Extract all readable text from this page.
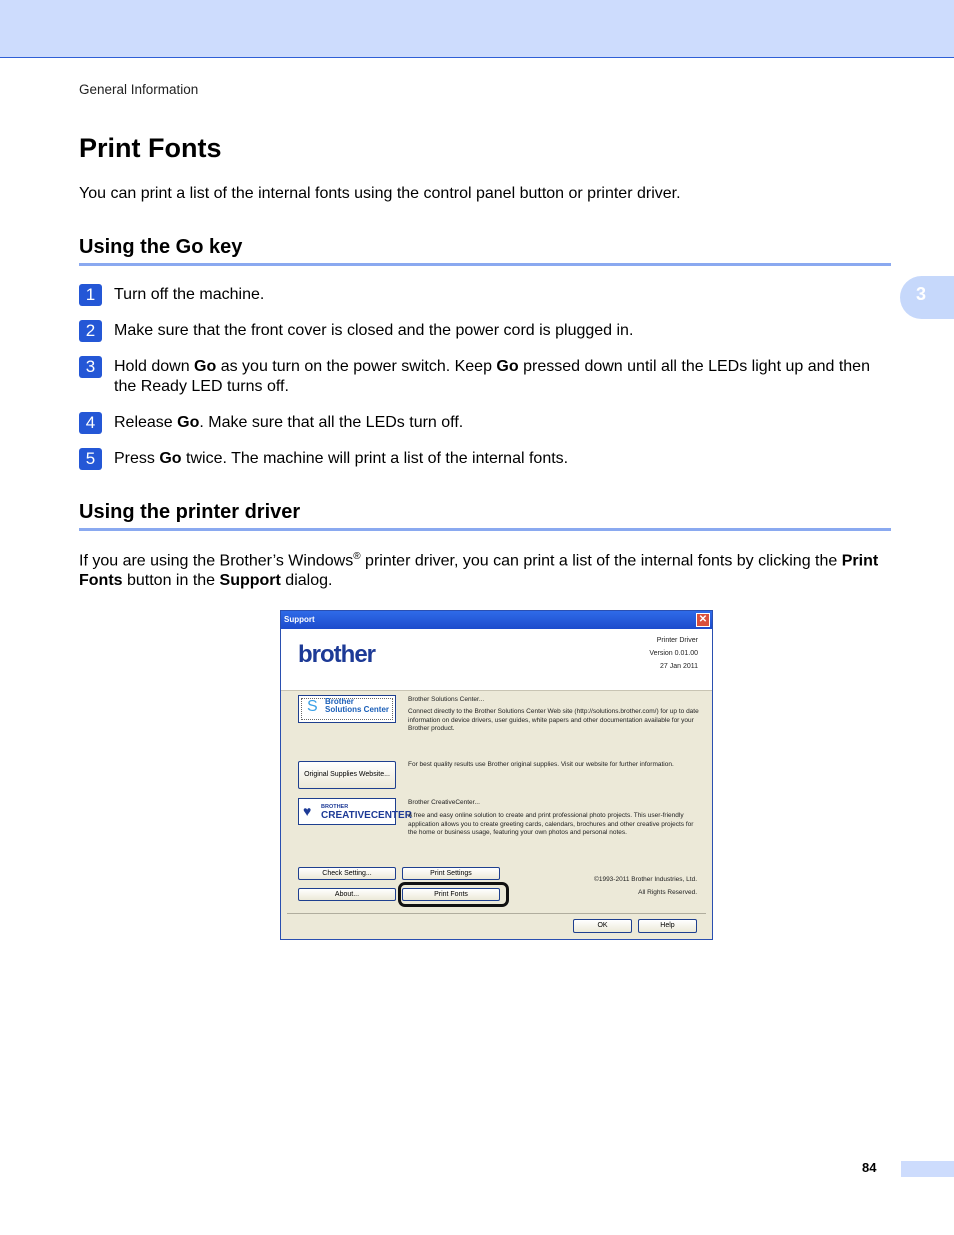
General Information
3
Print Fonts

You can print a list of the internal fonts using the control panel button or printer driver.

Using the Go key
1	Turn off the machine.
2	Make sure that the front cover is closed and the power cord is plugged in.
3	Hold down Go as you turn on the power switch. Keep Go pressed down until all the LEDs light up and then the Ready LED turns off.
4	Release Go. Make sure that all the LEDs turn off.
5	Press Go twice. The machine will print a list of the internal fonts.
Using the printer driver

If you are using the Brother’s Windows® printer driver, you can print a list of the internal fonts by clicking the Print Fonts button in the Support dialog.

Support	✕
brother
Printer Driver
Version 0.01.00
27 Jan 2011
S Brother
Solutions Center
Brother Solutions Center...
Connect directly to the Brother Solutions Center Web site (http://solutions.brother.com/) for up to date information on device drivers, user guides, white papers and other documentation available for your Brother product.
Original Supplies Website...
For best quality results use Brother original supplies. Visit our website for further information.
♥ BROTHER
CREATIVECENTER
Brother CreativeCenter...
A free and easy online solution to create and print professional photo projects. This user-friendly application allows you to create greeting cards, calendars, brochures and other creative projects for the home or business usage, featuring your own photos and personal notes.
Check Setting...	Print Settings
About...	Print Fonts
©1993-2011 Brother Industries, Ltd.
All Rights Reserved.
OK	Help
84
